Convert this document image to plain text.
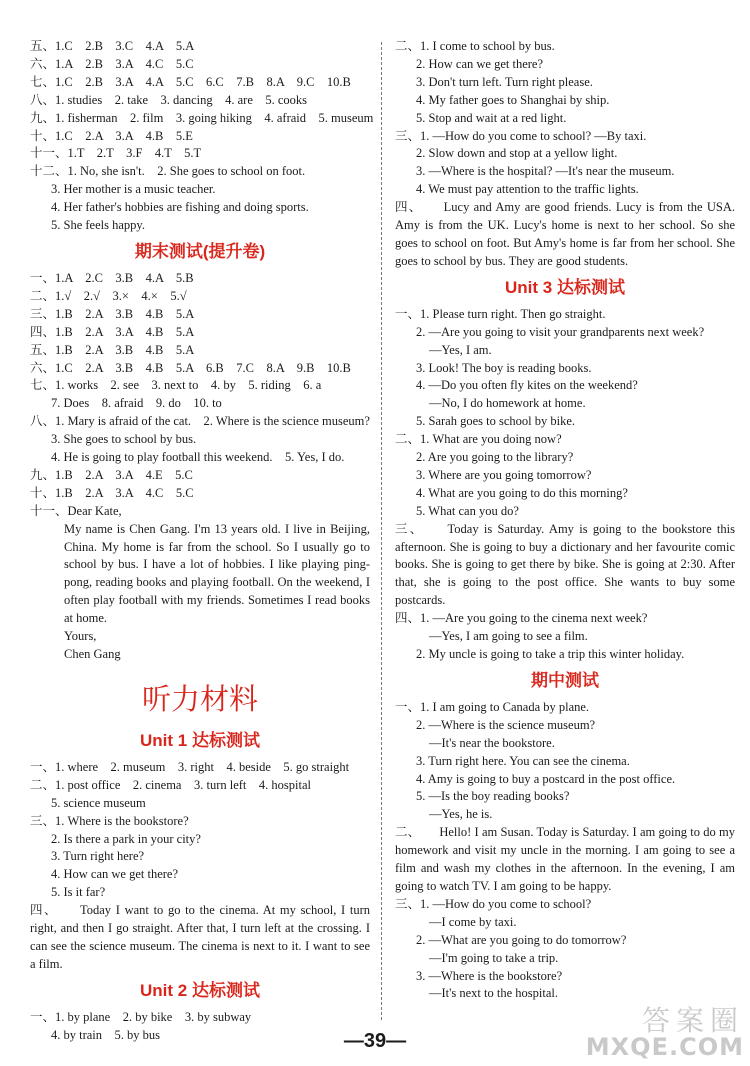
五、1.C　2.B　3.C　4.A　5.A
六、1.A　2.B　3.A　4.C　5.C
七、1.C　2.B　3.A　4.A　5.C　6.C　7.B　8.A　9.C　10.B
八、1. studies　2. take　3. dancing　4. are　5. cooks
九、1. fisherman　2. film　3. going hiking　4. afraid　5. museum
十、1.C　2.A　3.A　4.B　5.E
十一、1.T　2.T　3.F　4.T　5.T
十二、1. No, she isn't.　2. She goes to school on foot.
3. Her mother is a music teacher.
4. Her father's hobbies are fishing and doing sports.
5. She feels happy.
期末测试(提升卷)
一、1.A　2.C　3.B　4.A　5.B
二、1.√　2.√　3.×　4.×　5.√
三、1.B　2.A　3.B　4.B　5.A
四、1.B　2.A　3.A　4.B　5.A
五、1.B　2.A　3.B　4.B　5.A
六、1.C　2.A　3.B　4.B　5.A　6.B　7.C　8.A　9.B　10.B
七、1. works　2. see　3. next to　4. by　5. riding　6. a
7. Does　8. afraid　9. do　10. to
八、1. Mary is afraid of the cat.　2. Where is the science museum?
3. She goes to school by bus.
4. He is going to play football this weekend.　5. Yes, I do.
九、1.B　2.A　3.A　4.E　5.C
十、1.B　2.A　3.A　4.C　5.C
十一、Dear Kate,
My name is Chen Gang. I'm 13 years old. I live in Beijing, China. My home is far from the school. So I usually go to school by bus. I have a lot of hobbies. I like playing ping-pong, reading books and playing football. On the weekend, I often play football with my friends. Sometimes I read books at home.
Yours,
Chen Gang
听力材料
Unit 1 达标测试
一、1. where　2. museum　3. right　4. beside　5. go straight
二、1. post office　2. cinema　3. turn left　4. hospital
5. science museum
三、1. Where is the bookstore?
2. Is there a park in your city?
3. Turn right here?
4. How can we get there?
5. Is it far?
四、　　Today I want to go to the cinema. At my school, I turn right, and then I go straight. After that, I turn left at the crossing. I can see the science museum. The cinema is next to it. I want to see a film.
Unit 2 达标测试
一、1. by plane　2. by bike　3. by subway
4. by train　5. by bus
二、1. I come to school by bus.
2. How can we get there?
3. Don't turn left. Turn right please.
4. My father goes to Shanghai by ship.
5. Stop and wait at a red light.
三、1. —How do you come to school? —By taxi.
2. Slow down and stop at a yellow light.
3. —Where is the hospital? —It's near the museum.
4. We must pay attention to the traffic lights.
四、　　Lucy and Amy are good friends. Lucy is from the USA. Amy is from the UK. Lucy's home is next to her school. So she goes to school on foot. But Amy's home is far from her school. She goes to school by bus. They are good students.
Unit 3 达标测试
一、1. Please turn right. Then go straight.
2. —Are you going to visit your grandparents next week?
—Yes, I am.
3. Look! The boy is reading books.
4. —Do you often fly kites on the weekend?
—No, I do homework at home.
5. Sarah goes to school by bike.
二、1. What are you doing now?
2. Are you going to the library?
3. Where are you going tomorrow?
4. What are you going to do this morning?
5. What can you do?
三、　　Today is Saturday. Amy is going to the bookstore this afternoon. She is going to buy a dictionary and her favourite comic books. She is going to get there by bike. She is going at 2:30. After that, she is going to the post office. She wants to buy some postcards.
四、1. —Are you going to the cinema next week?
—Yes, I am going to see a film.
2. My uncle is going to take a trip this winter holiday.
期中测试
一、1. I am going to Canada by plane.
2. —Where is the science museum?
—It's near the bookstore.
3. Turn right here. You can see the cinema.
4. Amy is going to buy a postcard in the post office.
5. —Is the boy reading books?
—Yes, he is.
二、　　Hello! I am Susan. Today is Saturday. I am going to do my homework and visit my uncle in the morning. I am going to see a film and wash my clothes in the afternoon. In the evening, I am going to watch TV. I am going to be happy.
三、1. —How do you come to school?
—I come by taxi.
2. —What are you going to do tomorrow?
—I'm going to take a trip.
3. —Where is the bookstore?
—It's next to the hospital.
—39—
答案圈
MXQE.COM
